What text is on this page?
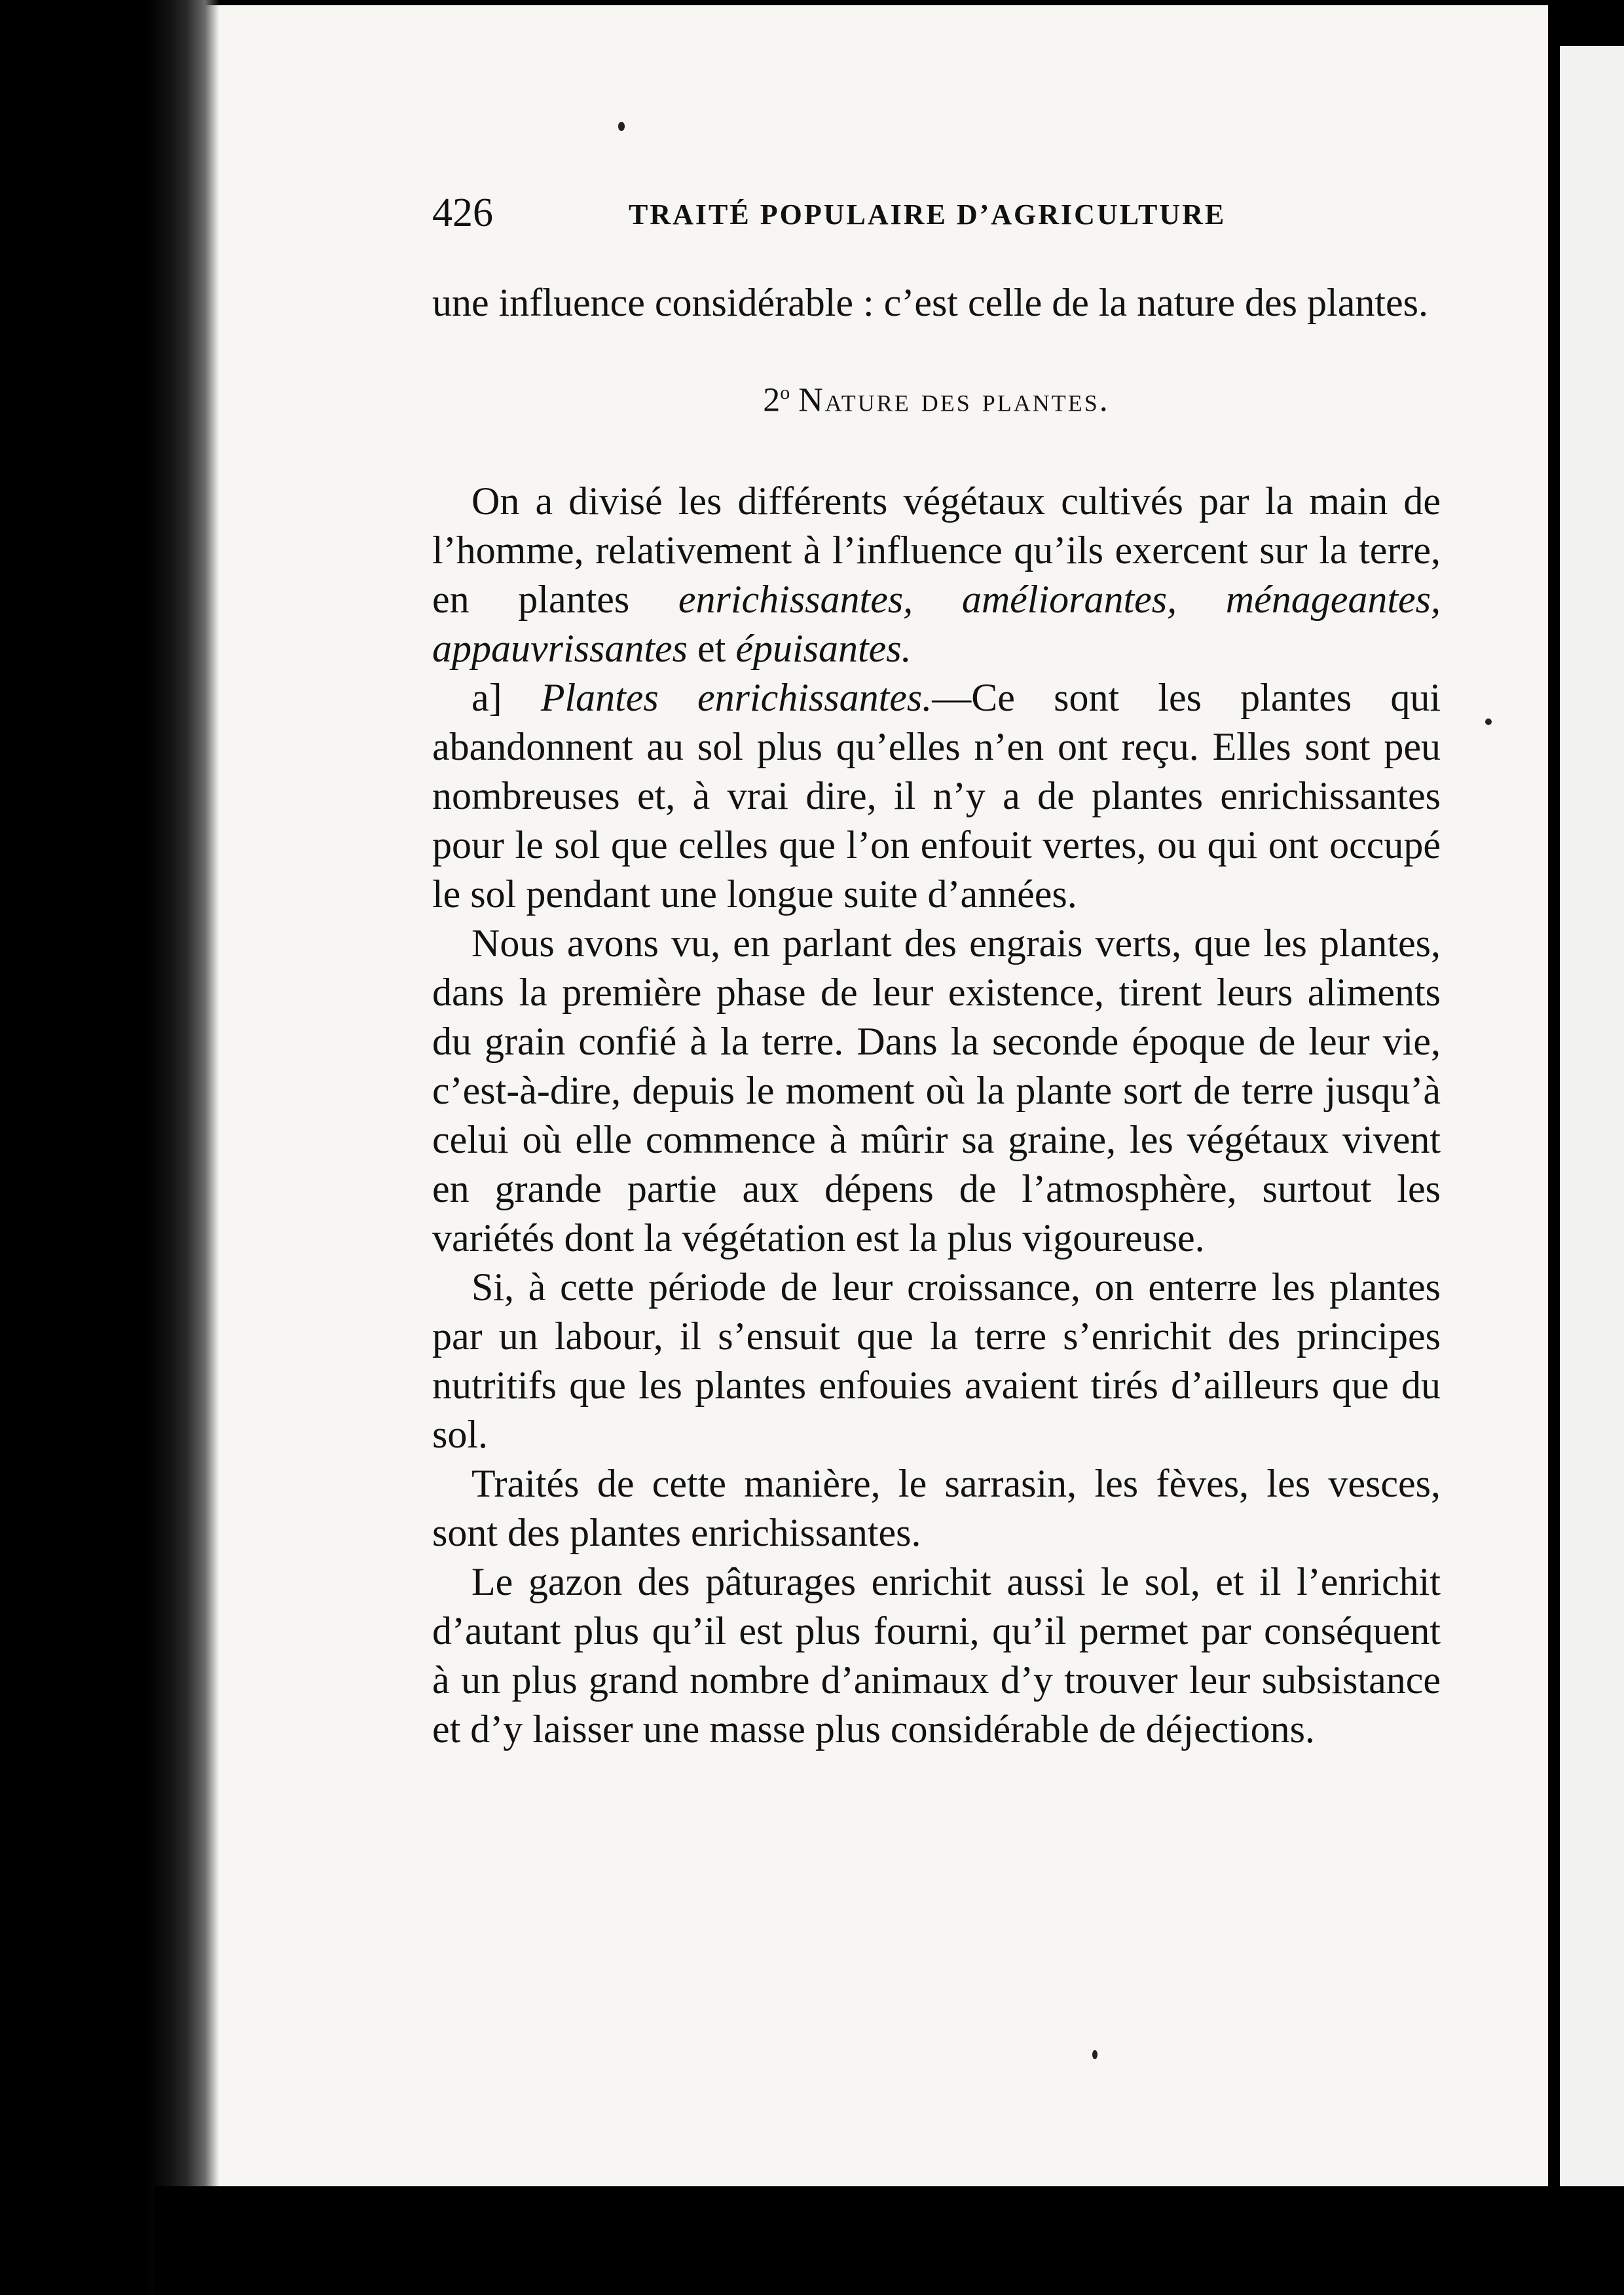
426	TRAITÉ POPULAIRE D’AGRICULTURE

une influence considérable : c’est celle de la nature des plantes.

2$^o$ Nature des plantes.

On a divisé les différents végétaux cultivés par la main de l’homme, relativement à l’influence qu’ils exercent sur la terre, en plantes enrichissantes, améliorantes, ménageantes, appauvrissantes et épuisantes.

a] Plantes enrichissantes.—Ce sont les plantes qui abandonnent au sol plus qu’elles n’en ont reçu. Elles sont peu nombreuses et, à vrai dire, il n’y a de plantes enrichissantes pour le sol que celles que l’on enfouit vertes, ou qui ont occupé le sol pendant une longue suite d’années.

Nous avons vu, en parlant des engrais verts, que les plantes, dans la première phase de leur existence, tirent leurs aliments du grain confié à la terre. Dans la seconde époque de leur vie, c’est-à-dire, depuis le moment où la plante sort de terre jusqu’à celui où elle commence à mûrir sa graine, les végétaux vivent en grande partie aux dépens de l’atmosphère, surtout les variétés dont la végétation est la plus vigoureuse.

Si, à cette période de leur croissance, on enterre les plantes par un labour, il s’ensuit que la terre s’enrichit des principes nutritifs que les plantes enfouies avaient tirés d’ailleurs que du sol.

Traités de cette manière, le sarrasin, les fèves, les vesces, sont des plantes enrichissantes.

Le gazon des pâturages enrichit aussi le sol, et il l’enrichit d’autant plus qu’il est plus fourni, qu’il permet par conséquent à un plus grand nombre d’animaux d’y trouver leur subsistance et d’y laisser une masse plus considérable de déjections.
